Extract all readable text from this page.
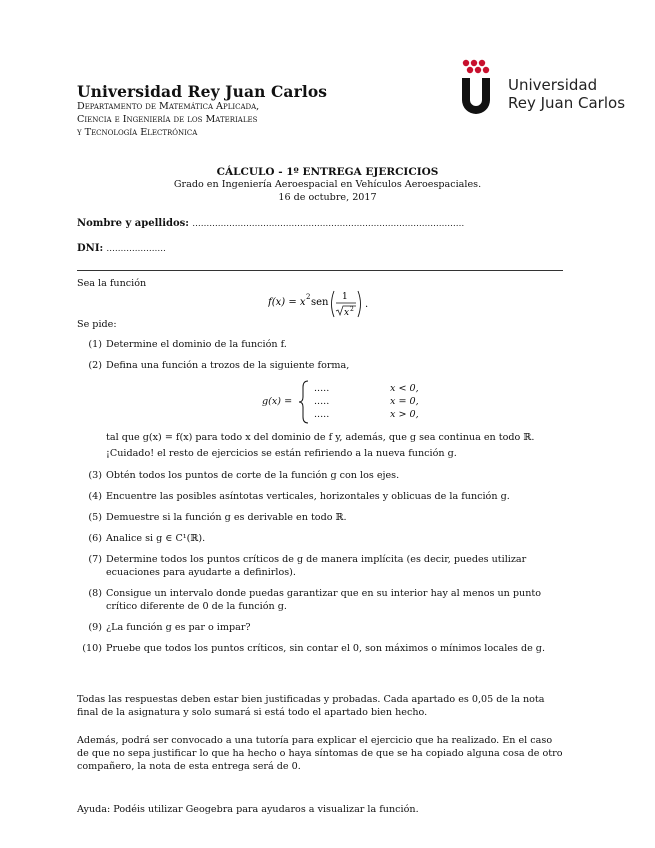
Universidad Rey Juan Carlos
Departamento de Matemática Aplicada,
Ciencia e Ingeniería de los Materiales
y Tecnología Electrónica
Universidad
Rey Juan Carlos
CÁLCULO - 1º ENTREGA EJERCICIOS
Grado en Ingeniería Aeroespacial en Vehículos Aeroespaciales.
16 de octubre, 2017
Nombre y apellidos: ……………………………………………………………………………………
DNI: …………………
Sea la función
f(x) = x 2 sen 1
x 2 .
Se pide:
(1) Determine el dominio de la función f.
(2) Defina una función a trozos de la siguiente forma,
g(x) =
.....	x < 0,
.....	x = 0,
.....	x > 0,
tal que g(x) = f(x) para todo x del dominio de f y, además, que g sea continua en todo ℝ.
¡Cuidado! el resto de ejercicios se están refiriendo a la nueva función g.
(3) Obtén todos los puntos de corte de la función g con los ejes.
(4) Encuentre las posibles asíntotas verticales, horizontales y oblicuas de la función g.
(5) Demuestre si la función g es derivable en todo ℝ.
(6) Analice si g ∈ C¹(ℝ).
(7) Determine todos los puntos críticos de g de manera implícita (es decir, puedes utilizar ecuaciones para ayudarte a definirlos).
(8) Consigue un intervalo donde puedas garantizar que en su interior hay al menos un punto crítico diferente de 0 de la función g.
(9) ¿La función g es par o impar?
(10) Pruebe que todos los puntos críticos, sin contar el 0, son máximos o mínimos locales de g.
Todas las respuestas deben estar bien justificadas y probadas. Cada apartado es 0,05 de la nota final de la asignatura y solo sumará si está todo el apartado bien hecho.
Además, podrá ser convocado a una tutoría para explicar el ejercicio que ha realizado. En el caso de que no sepa justificar lo que ha hecho o haya síntomas de que se ha copiado alguna cosa de otro compañero, la nota de esta entrega será de 0.
Ayuda: Podéis utilizar Geogebra para ayudaros a visualizar la función.
